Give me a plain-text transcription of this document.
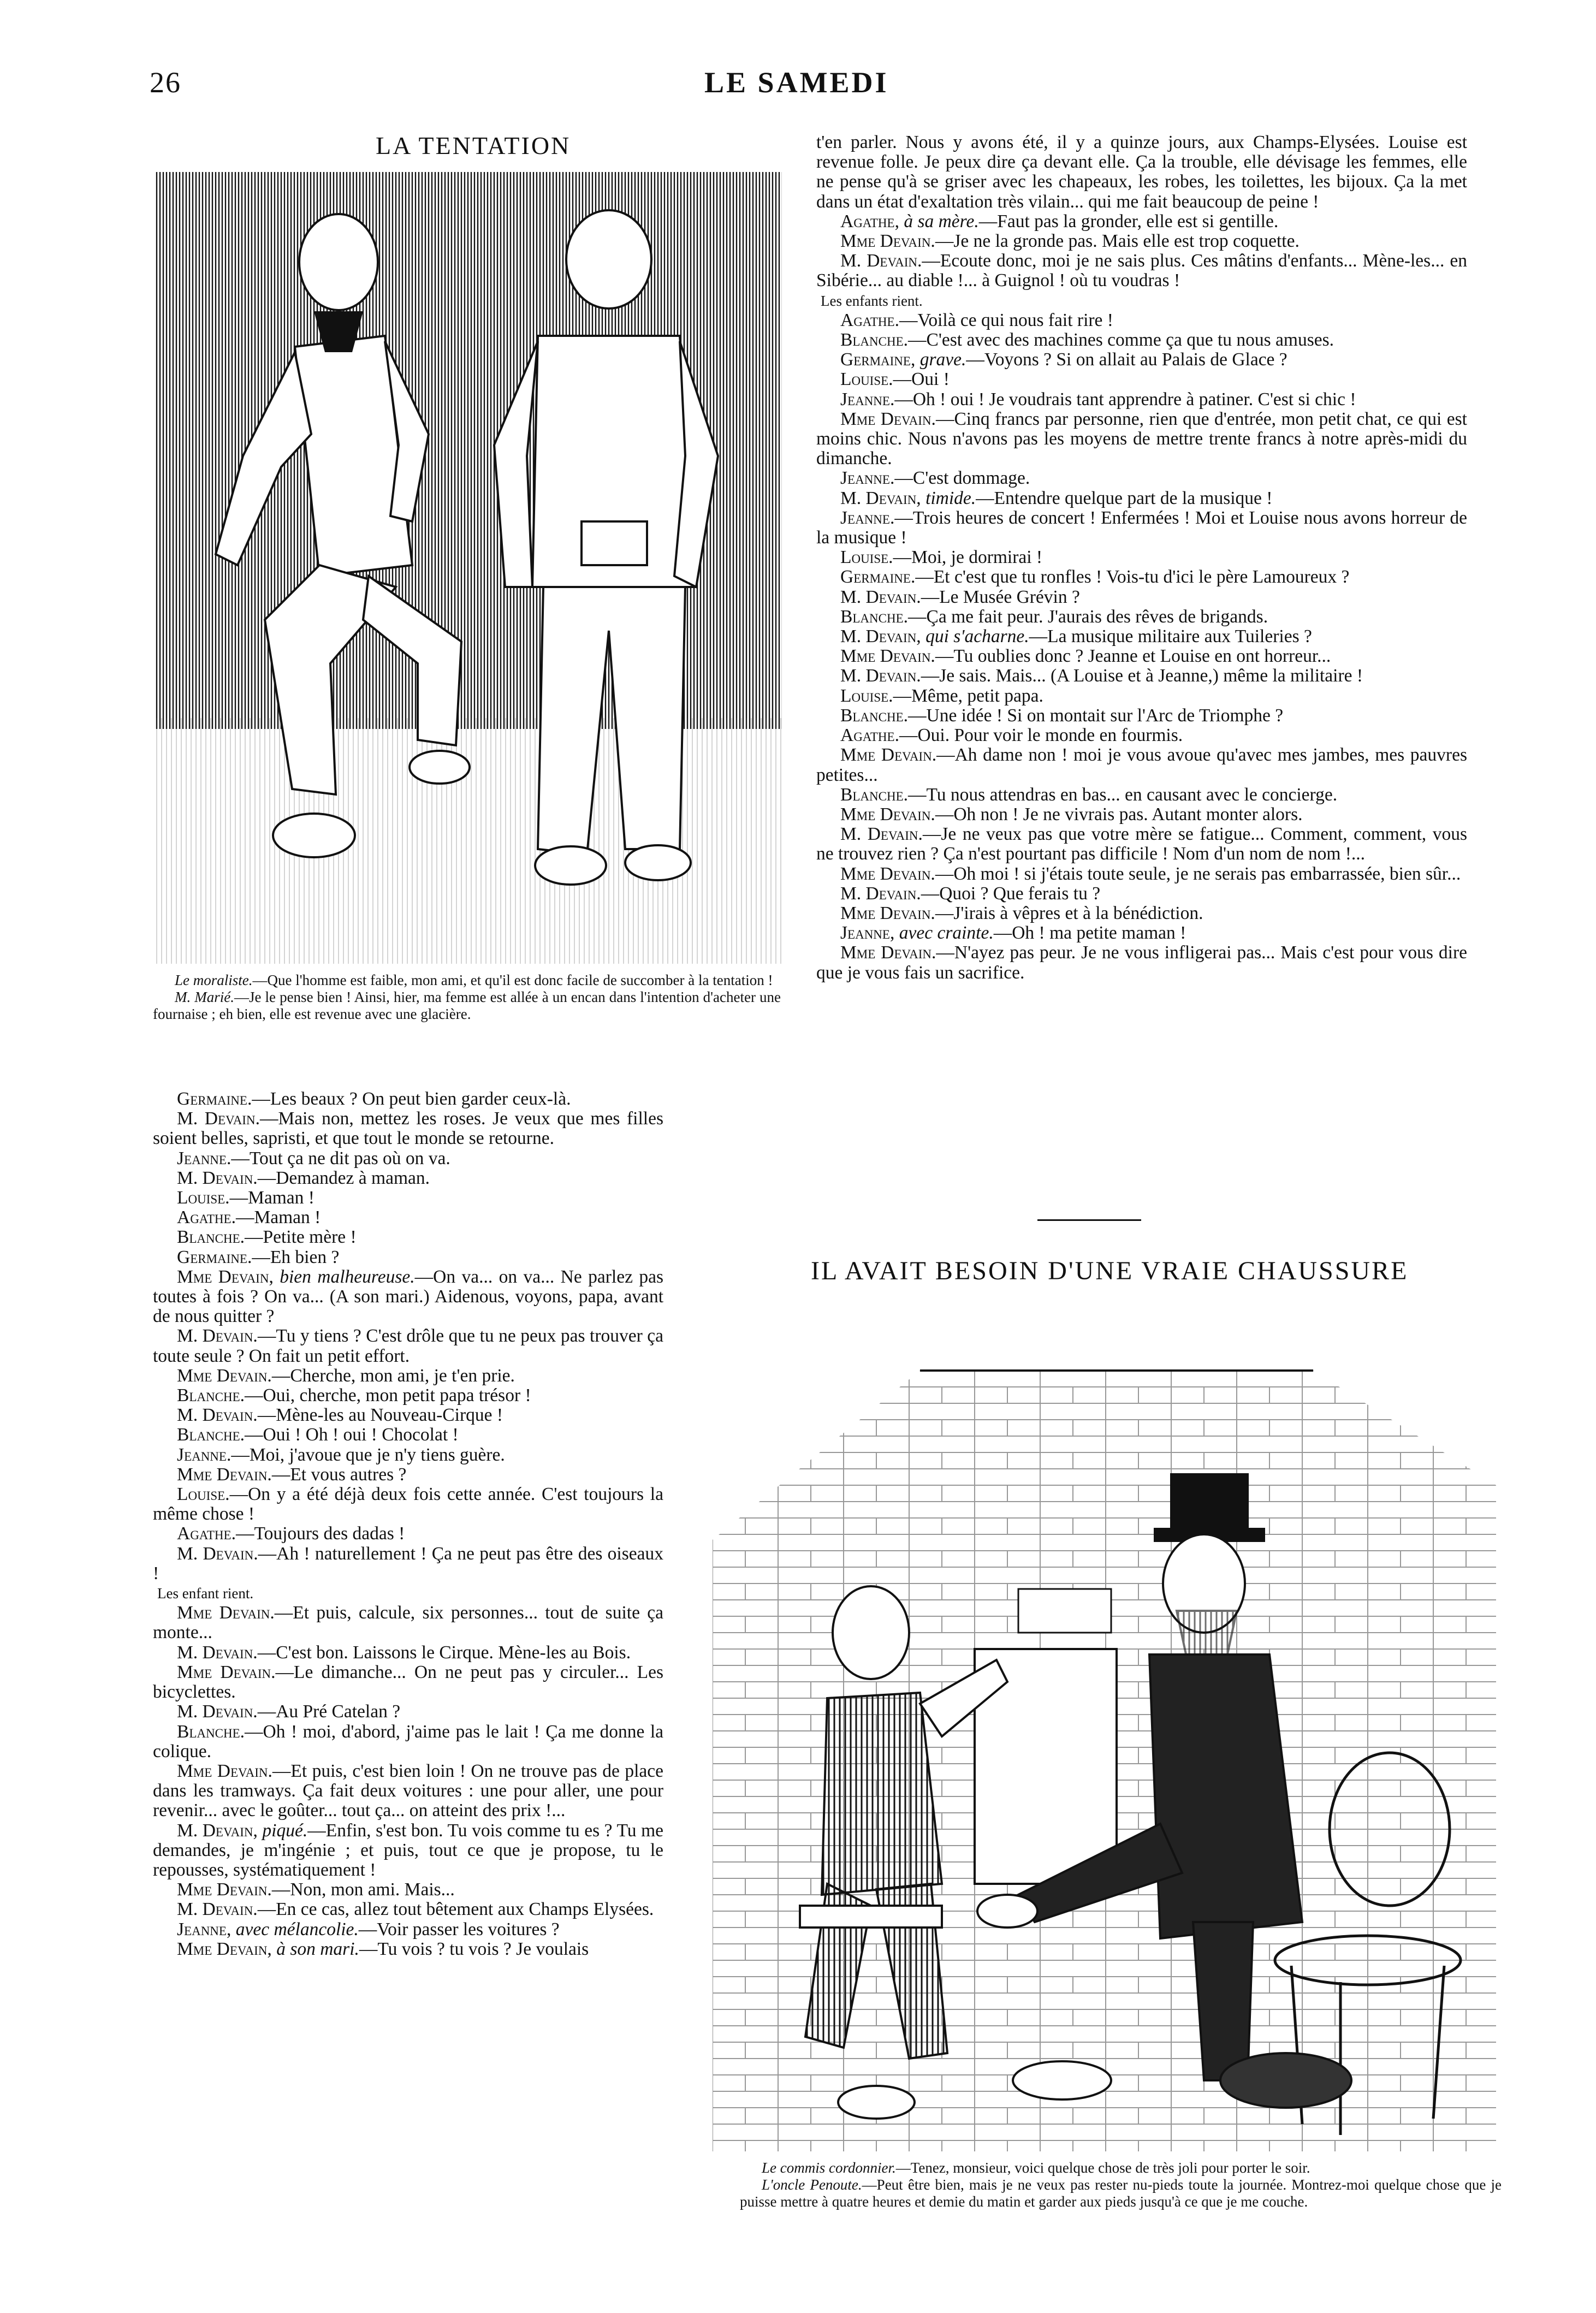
26	LE SAMEDI
LA TENTATION

Le moraliste.—Que l'homme est faible, mon ami, et qu'il est donc facile de succomber à la tentation !

M. Marié.—Je le pense bien ! Ainsi, hier, ma femme est allée à un encan dans l'intention d'acheter une fournaise ; eh bien, elle est revenue avec une glacière.

Germaine.—Les beaux ? On peut bien garder ceux-là.

M. Devain.—Mais non, mettez les roses. Je veux que mes filles soient belles, sapristi, et que tout le monde se retourne.

Jeanne.—Tout ça ne dit pas où on va.

M. Devain.—Demandez à maman.

Louise.—Maman !

Agathe.—Maman !

Blanche.—Petite mère !

Germaine.—Eh bien ?

Mme Devain, bien malheureuse.—On va... on va... Ne parlez pas toutes à fois ? On va... (A son mari.) Aidenous, voyons, papa, avant de nous quitter ?

M. Devain.—Tu y tiens ? C'est drôle que tu ne peux pas trouver ça toute seule ? On fait un petit effort.

Mme Devain.—Cherche, mon ami, je t'en prie.

Blanche.—Oui, cherche, mon petit papa trésor !

M. Devain.—Mène-les au Nouveau-Cirque !

Blanche.—Oui ! Oh ! oui ! Chocolat !

Jeanne.—Moi, j'avoue que je n'y tiens guère.

Mme Devain.—Et vous autres ?

Louise.—On y a été déjà deux fois cette année. C'est toujours la même chose !

Agathe.—Toujours des dadas !

M. Devain.—Ah ! naturellement ! Ça ne peut pas être des oiseaux !

Les enfant rient.

Mme Devain.—Et puis, calcule, six personnes... tout de suite ça monte...

M. Devain.—C'est bon. Laissons le Cirque. Mène-les au Bois.

Mme Devain.—Le dimanche... On ne peut pas y circuler... Les bicyclettes.

M. Devain.—Au Pré Catelan ?

Blanche.—Oh ! moi, d'abord, j'aime pas le lait ! Ça me donne la colique.

Mme Devain.—Et puis, c'est bien loin ! On ne trouve pas de place dans les tramways. Ça fait deux voitures : une pour aller, une pour revenir... avec le goûter... tout ça... on atteint des prix !...

M. Devain, piqué.—Enfin, s'est bon. Tu vois comme tu es ? Tu me demandes, je m'ingénie ; et puis, tout ce que je propose, tu le repousses, systématiquement !

Mme Devain.—Non, mon ami. Mais...

M. Devain.—En ce cas, allez tout bêtement aux Champs Elysées.

Jeanne, avec mélancolie.—Voir passer les voitures ?

Mme Devain, à son mari.—Tu vois ? tu vois ? Je voulais

t'en parler. Nous y avons été, il y a quinze jours, aux Champs-Elysées. Louise est revenue folle. Je peux dire ça devant elle. Ça la trouble, elle dévisage les femmes, elle ne pense qu'à se griser avec les chapeaux, les robes, les toilettes, les bijoux. Ça la met dans un état d'exaltation très vilain... qui me fait beaucoup de peine !

Agathe, à sa mère.—Faut pas la gronder, elle est si gentille.

Mme Devain.—Je ne la gronde pas. Mais elle est trop coquette.

M. Devain.—Ecoute donc, moi je ne sais plus. Ces mâtins d'enfants... Mène-les... en Sibérie... au diable !... à Guignol ! où tu voudras !

Les enfants rient.

Agathe.—Voilà ce qui nous fait rire !

Blanche.—C'est avec des machines comme ça que tu nous amuses.

Germaine, grave.—Voyons ? Si on allait au Palais de Glace ?

Louise.—Oui !

Jeanne.—Oh ! oui ! Je voudrais tant apprendre à patiner. C'est si chic !

Mme Devain.—Cinq francs par personne, rien que d'entrée, mon petit chat, ce qui est moins chic. Nous n'avons pas les moyens de mettre trente francs à notre après-midi du dimanche.

Jeanne.—C'est dommage.

M. Devain, timide.—Entendre quelque part de la musique !

Jeanne.—Trois heures de concert ! Enfermées ! Moi et Louise nous avons horreur de la musique !

Louise.—Moi, je dormirai !

Germaine.—Et c'est que tu ronfles ! Vois-tu d'ici le père Lamoureux ?

M. Devain.—Le Musée Grévin ?

Blanche.—Ça me fait peur. J'aurais des rêves de brigands.

M. Devain, qui s'acharne.—La musique militaire aux Tuileries ?

Mme Devain.—Tu oublies donc ? Jeanne et Louise en ont horreur...

M. Devain.—Je sais. Mais... (A Louise et à Jeanne,) même la militaire !

Louise.—Même, petit papa.

Blanche.—Une idée ! Si on montait sur l'Arc de Triomphe ?

Agathe.—Oui. Pour voir le monde en fourmis.

Mme Devain.—Ah dame non ! moi je vous avoue qu'avec mes jambes, mes pauvres petites...

Blanche.—Tu nous attendras en bas... en causant avec le concierge.

Mme Devain.—Oh non ! Je ne vivrais pas. Autant monter alors.

M. Devain.—Je ne veux pas que votre mère se fatigue... Comment, comment, vous ne trouvez rien ? Ça n'est pourtant pas difficile ! Nom d'un nom de nom !...

Mme Devain.—Oh moi ! si j'étais toute seule, je ne serais pas embarrassée, bien sûr...

M. Devain.—Quoi ? Que ferais tu ?

Mme Devain.—J'irais à vêpres et à la bénédiction.

Jeanne, avec crainte.—Oh ! ma petite maman !

Mme Devain.—N'ayez pas peur. Je ne vous infligerai pas... Mais c'est pour vous dire que je vous fais un sacrifice.

IL AVAIT BESOIN D'UNE VRAIE CHAUSSURE

Le commis cordonnier.—Tenez, monsieur, voici quelque chose de très joli pour porter le soir.

L'oncle Penoute.—Peut être bien, mais je ne veux pas rester nu-pieds toute la journée. Montrez-moi quelque chose que je puisse mettre à quatre heures et demie du matin et garder aux pieds jusqu'à ce que je me couche.
